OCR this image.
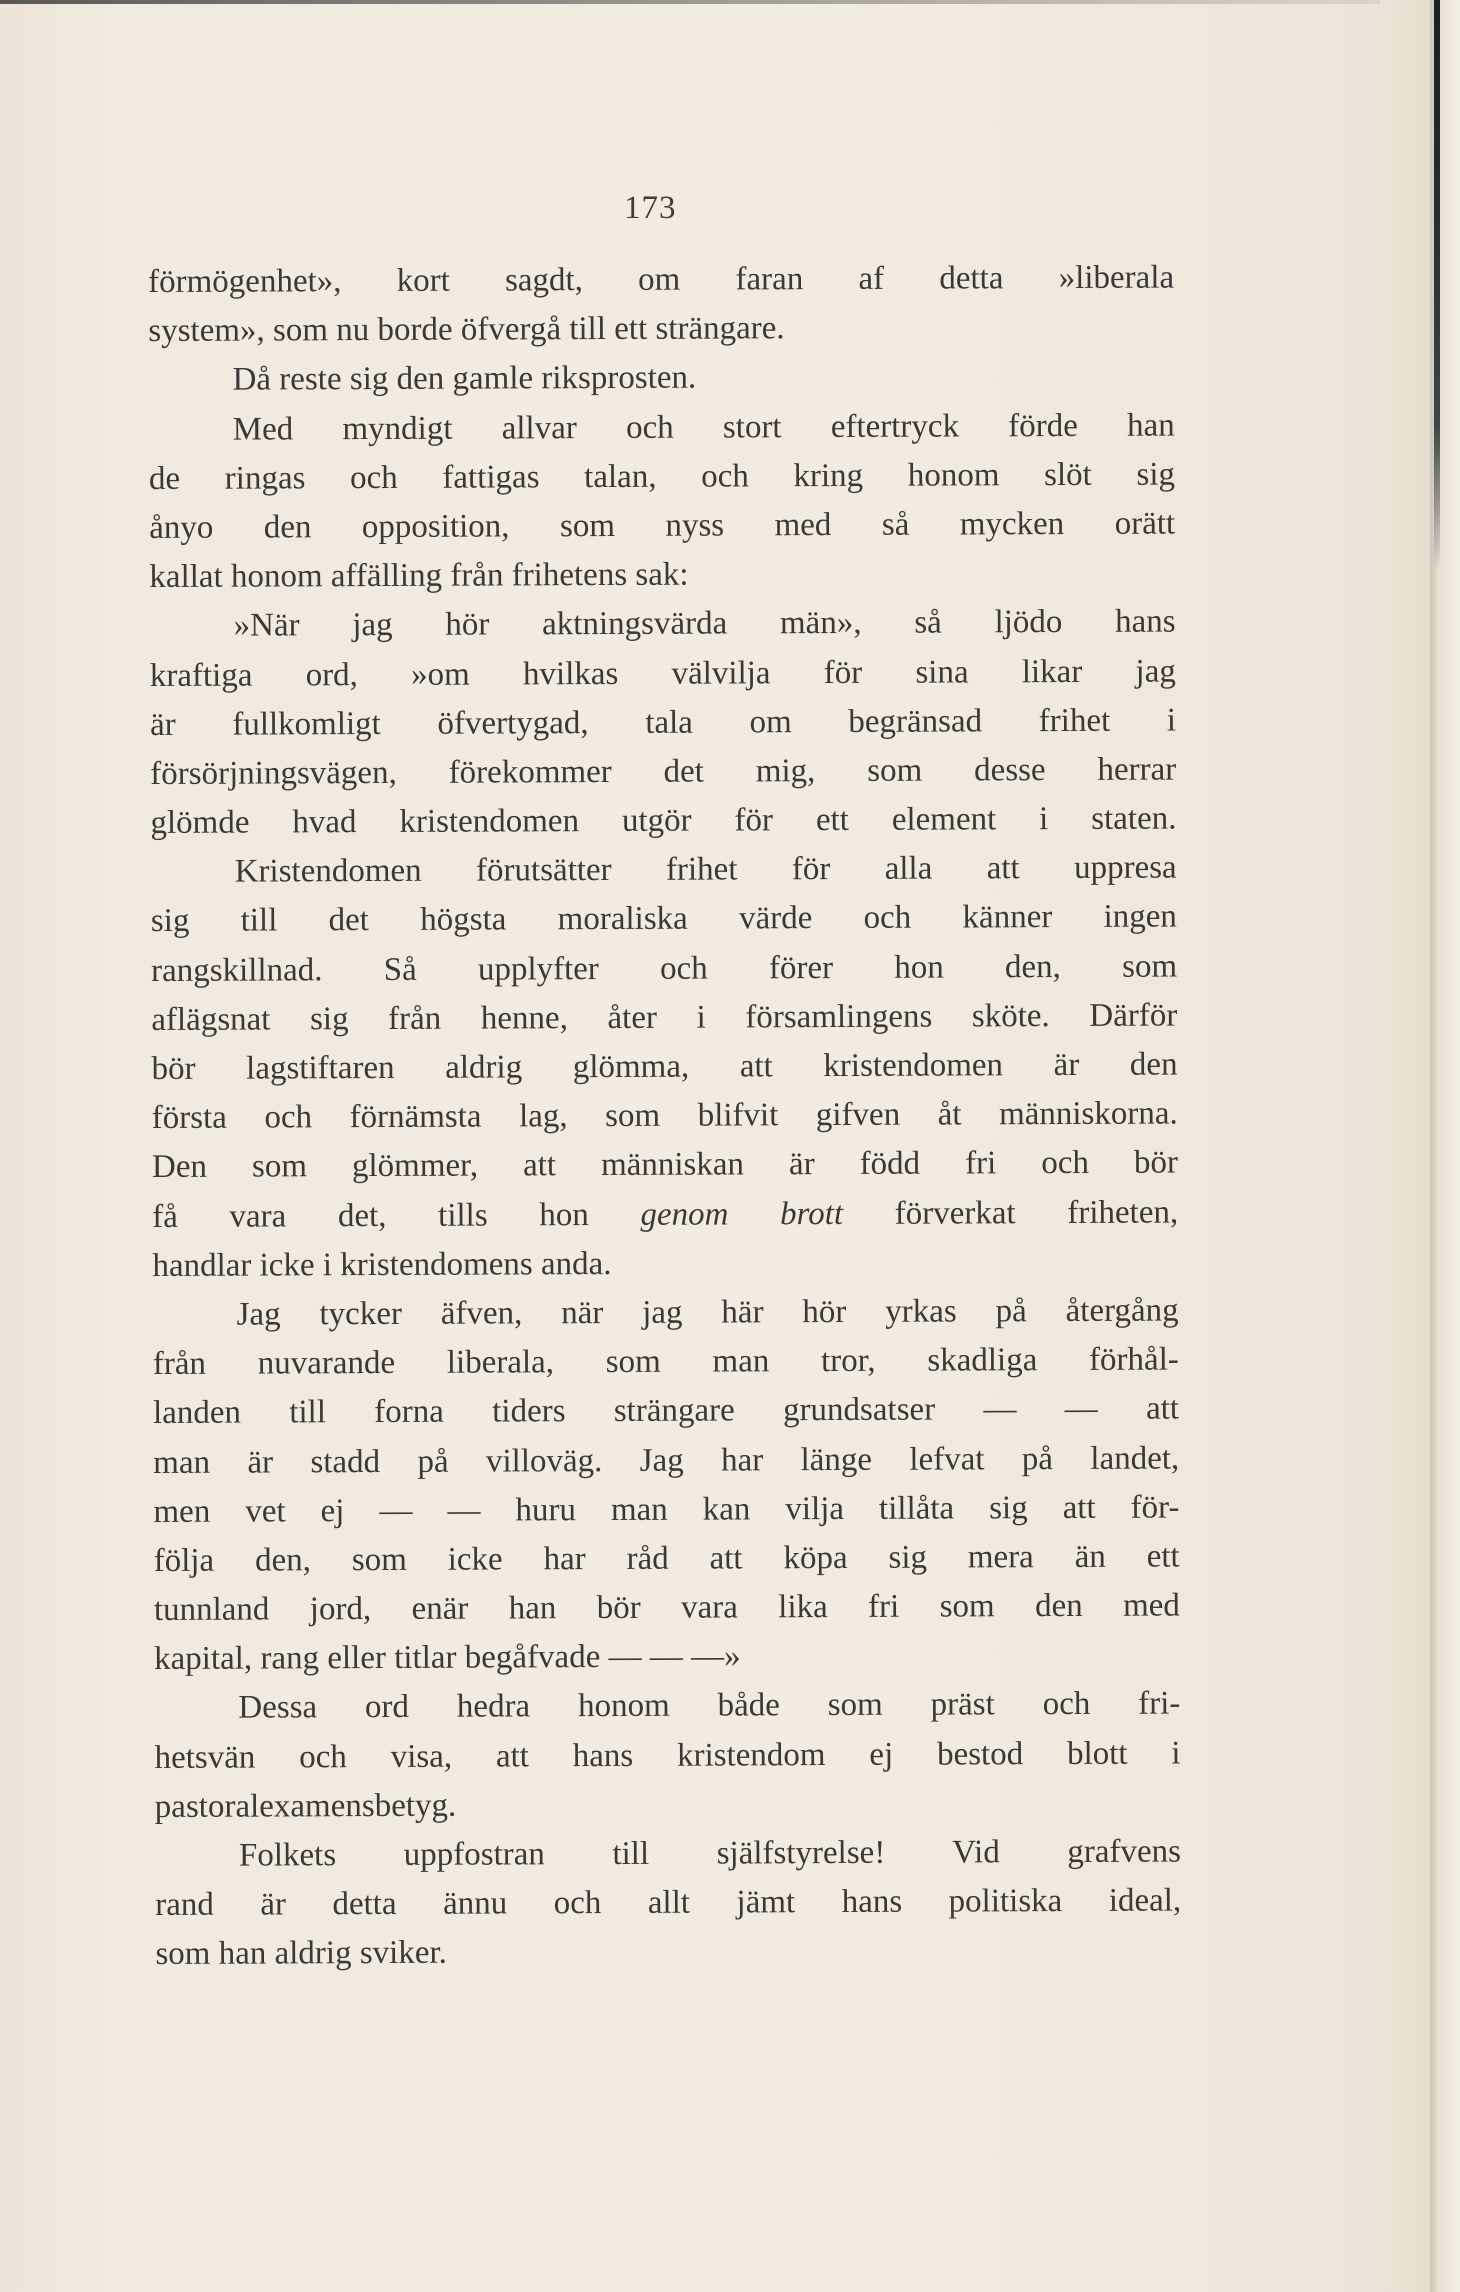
173
förmögenhet», kort sagdt, om faran af detta »liberala
system», som nu borde öfvergå till ett strängare.
Då reste sig den gamle riksprosten.
Med myndigt allvar och stort eftertryck förde han
de ringas och fattigas talan, och kring honom slöt sig
ånyo den opposition, som nyss med så mycken orätt
kallat honom affälling från frihetens sak:
»När jag hör aktningsvärda män», så ljödo hans
kraftiga ord, »om hvilkas välvilja för sina likar jag
är fullkomligt öfvertygad, tala om begränsad frihet i
försörjningsvägen, förekommer det mig, som desse herrar
glömde hvad kristendomen utgör för ett element i staten.
Kristendomen förutsätter frihet för alla att uppresa
sig till det högsta moraliska värde och känner ingen
rangskillnad. Så upplyfter och förer hon den, som
aflägsnat sig från henne, åter i församlingens sköte. Därför
bör lagstiftaren aldrig glömma, att kristendomen är den
första och förnämsta lag, som blifvit gifven åt människorna.
Den som glömmer, att människan är född fri och bör
få vara det, tills hon genom brott förverkat friheten,
handlar icke i kristendomens anda.
Jag tycker äfven, när jag här hör yrkas på återgång
från nuvarande liberala, som man tror, skadliga förhål-
landen till forna tiders strängare grundsatser — — att
man är stadd på villoväg. Jag har länge lefvat på landet,
men vet ej — — huru man kan vilja tillåta sig att för-
följa den, som icke har råd att köpa sig mera än ett
tunnland jord, enär han bör vara lika fri som den med
kapital, rang eller titlar begåfvade — — —»
Dessa ord hedra honom både som präst och fri-
hetsvän och visa, att hans kristendom ej bestod blott i
pastoralexamensbetyg.
Folkets uppfostran till själfstyrelse! Vid grafvens
rand är detta ännu och allt jämt hans politiska ideal,
som han aldrig sviker.
